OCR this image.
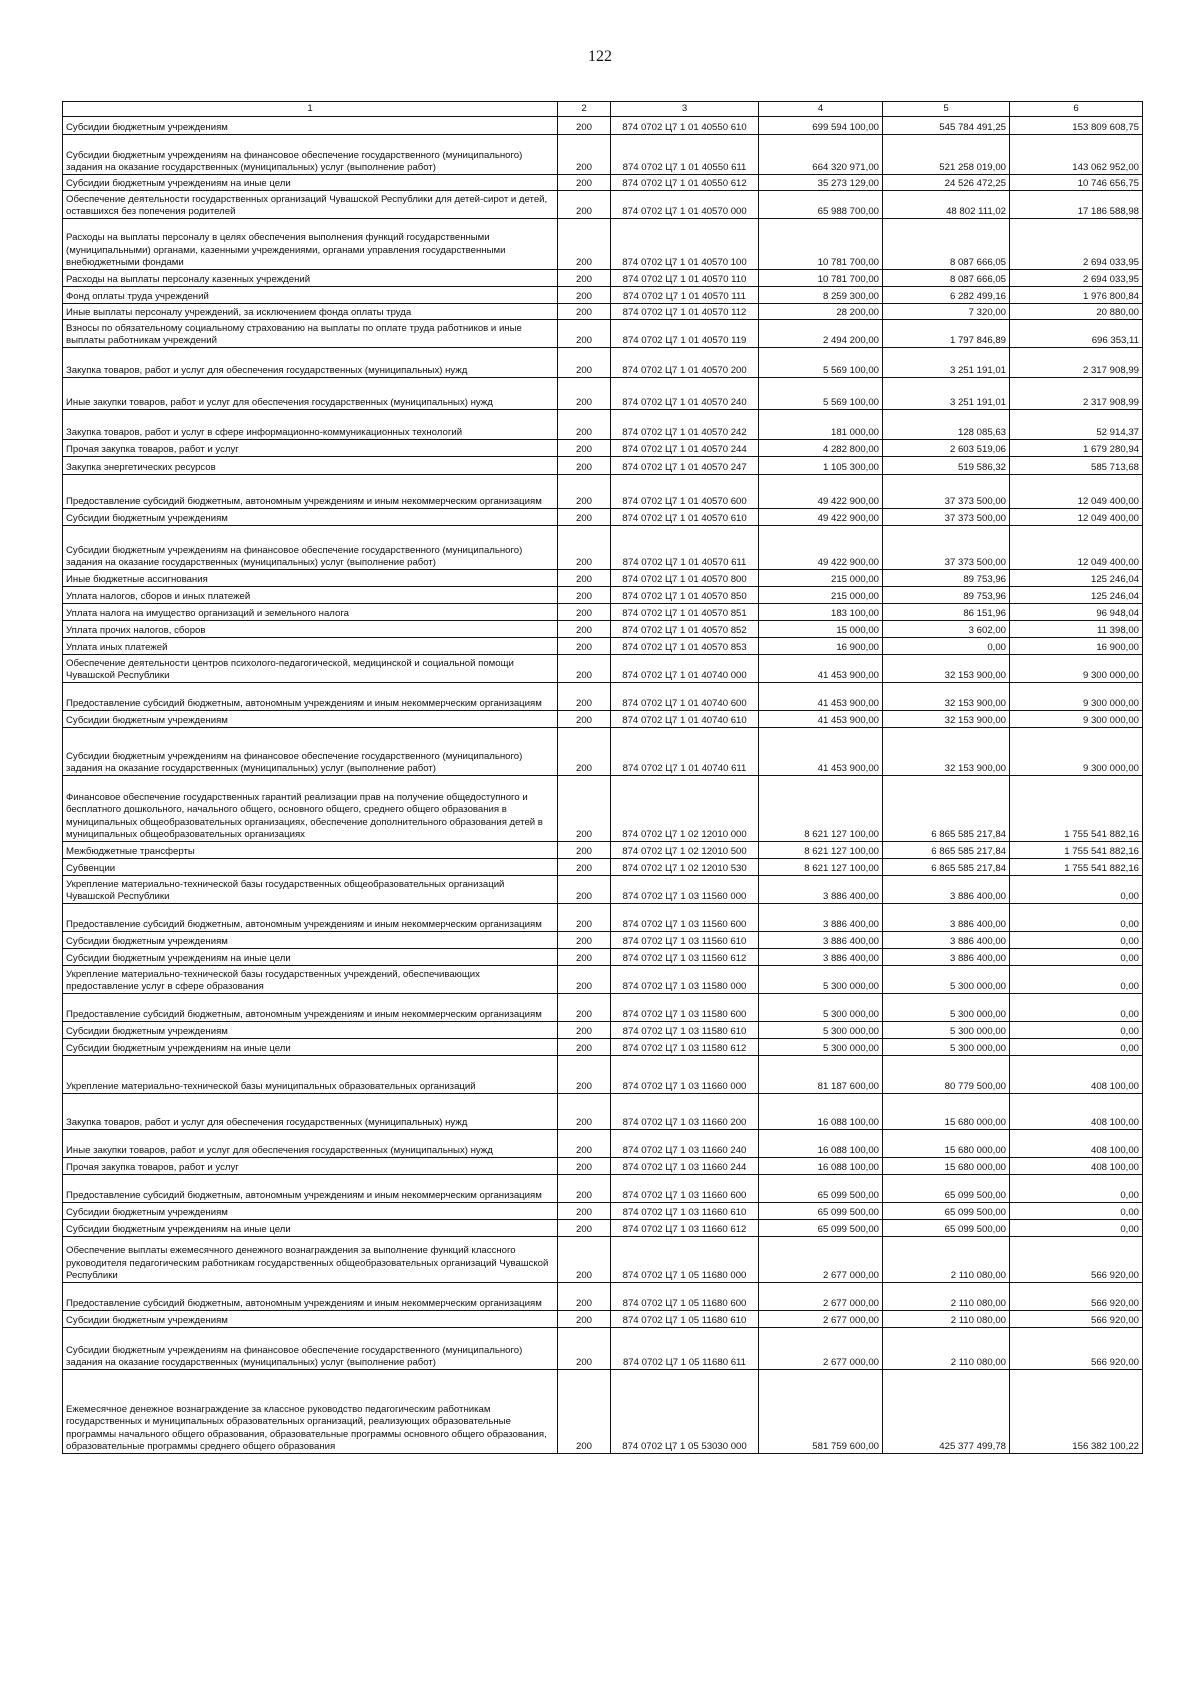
122
1	2	3	4	5	6
Субсидии бюджетным учреждениям	200	874 0702 Ц7 1 01 40550 610	699 594 100,00	545 784 491,25	153 809 608,75
Субсидии бюджетным учреждениям на финансовое обеспечение государственного (муниципального) задания на оказание государственных (муниципальных) услуг (выполнение работ)	200	874 0702 Ц7 1 01 40550 611	664 320 971,00	521 258 019,00	143 062 952,00
Субсидии бюджетным учреждениям на иные цели	200	874 0702 Ц7 1 01 40550 612	35 273 129,00	24 526 472,25	10 746 656,75
Обеспечение деятельности государственных организаций Чувашской Республики для детей-сирот и детей, оставшихся без попечения родителей	200	874 0702 Ц7 1 01 40570 000	65 988 700,00	48 802 111,02	17 186 588,98
Расходы на выплаты персоналу в целях обеспечения выполнения функций государственными (муниципальными) органами, казенными учреждениями, органами управления государственными внебюджетными фондами	200	874 0702 Ц7 1 01 40570 100	10 781 700,00	8 087 666,05	2 694 033,95
Расходы на выплаты персоналу казенных учреждений	200	874 0702 Ц7 1 01 40570 110	10 781 700,00	8 087 666,05	2 694 033,95
Фонд оплаты труда учреждений	200	874 0702 Ц7 1 01 40570 111	8 259 300,00	6 282 499,16	1 976 800,84
Иные выплаты персоналу учреждений, за исключением фонда оплаты труда	200	874 0702 Ц7 1 01 40570 112	28 200,00	7 320,00	20 880,00
Взносы по обязательному социальному страхованию на выплаты по оплате труда работников и иные выплаты работникам учреждений	200	874 0702 Ц7 1 01 40570 119	2 494 200,00	1 797 846,89	696 353,11
Закупка товаров, работ и услуг для обеспечения государственных (муниципальных) нужд	200	874 0702 Ц7 1 01 40570 200	5 569 100,00	3 251 191,01	2 317 908,99
Иные закупки товаров, работ и услуг для обеспечения государственных (муниципальных) нужд	200	874 0702 Ц7 1 01 40570 240	5 569 100,00	3 251 191,01	2 317 908,99
Закупка товаров, работ и услуг в сфере информационно-коммуникационных технологий	200	874 0702 Ц7 1 01 40570 242	181 000,00	128 085,63	52 914,37
Прочая закупка товаров, работ и услуг	200	874 0702 Ц7 1 01 40570 244	4 282 800,00	2 603 519,06	1 679 280,94
Закупка энергетических ресурсов	200	874 0702 Ц7 1 01 40570 247	1 105 300,00	519 586,32	585 713,68
Предоставление субсидий бюджетным, автономным учреждениям и иным некоммерческим организациям	200	874 0702 Ц7 1 01 40570 600	49 422 900,00	37 373 500,00	12 049 400,00
Субсидии бюджетным учреждениям	200	874 0702 Ц7 1 01 40570 610	49 422 900,00	37 373 500,00	12 049 400,00
Субсидии бюджетным учреждениям на финансовое обеспечение государственного (муниципального) задания на оказание государственных (муниципальных) услуг (выполнение работ)	200	874 0702 Ц7 1 01 40570 611	49 422 900,00	37 373 500,00	12 049 400,00
Иные бюджетные ассигнования	200	874 0702 Ц7 1 01 40570 800	215 000,00	89 753,96	125 246,04
Уплата налогов, сборов и иных платежей	200	874 0702 Ц7 1 01 40570 850	215 000,00	89 753,96	125 246,04
Уплата налога на имущество организаций и земельного налога	200	874 0702 Ц7 1 01 40570 851	183 100,00	86 151,96	96 948,04
Уплата прочих налогов, сборов	200	874 0702 Ц7 1 01 40570 852	15 000,00	3 602,00	11 398,00
Уплата иных платежей	200	874 0702 Ц7 1 01 40570 853	16 900,00	0,00	16 900,00
Обеспечение деятельности центров психолого-педагогической, медицинской и социальной помощи Чувашской Республики	200	874 0702 Ц7 1 01 40740 000	41 453 900,00	32 153 900,00	9 300 000,00
Предоставление субсидий бюджетным, автономным учреждениям и иным некоммерческим организациям	200	874 0702 Ц7 1 01 40740 600	41 453 900,00	32 153 900,00	9 300 000,00
Субсидии бюджетным учреждениям	200	874 0702 Ц7 1 01 40740 610	41 453 900,00	32 153 900,00	9 300 000,00
Субсидии бюджетным учреждениям на финансовое обеспечение государственного (муниципального) задания на оказание государственных (муниципальных) услуг (выполнение работ)	200	874 0702 Ц7 1 01 40740 611	41 453 900,00	32 153 900,00	9 300 000,00
Финансовое обеспечение государственных гарантий реализации прав на получение общедоступного и бесплатного дошкольного, начального общего, основного общего, среднего общего образования в муниципальных общеобразовательных организациях, обеспечение дополнительного образования детей в муниципальных общеобразовательных организациях	200	874 0702 Ц7 1 02 12010 000	8 621 127 100,00	6 865 585 217,84	1 755 541 882,16
Межбюджетные трансферты	200	874 0702 Ц7 1 02 12010 500	8 621 127 100,00	6 865 585 217,84	1 755 541 882,16
Субвенции	200	874 0702 Ц7 1 02 12010 530	8 621 127 100,00	6 865 585 217,84	1 755 541 882,16
Укрепление материально-технической базы государственных общеобразовательных организаций Чувашской Республики	200	874 0702 Ц7 1 03 11560 000	3 886 400,00	3 886 400,00	0,00
Предоставление субсидий бюджетным, автономным учреждениям и иным некоммерческим организациям	200	874 0702 Ц7 1 03 11560 600	3 886 400,00	3 886 400,00	0,00
Субсидии бюджетным учреждениям	200	874 0702 Ц7 1 03 11560 610	3 886 400,00	3 886 400,00	0,00
Субсидии бюджетным учреждениям на иные цели	200	874 0702 Ц7 1 03 11560 612	3 886 400,00	3 886 400,00	0,00
Укрепление материально-технической базы государственных учреждений, обеспечивающих предоставление услуг в сфере образования	200	874 0702 Ц7 1 03 11580 000	5 300 000,00	5 300 000,00	0,00
Предоставление субсидий бюджетным, автономным учреждениям и иным некоммерческим организациям	200	874 0702 Ц7 1 03 11580 600	5 300 000,00	5 300 000,00	0,00
Субсидии бюджетным учреждениям	200	874 0702 Ц7 1 03 11580 610	5 300 000,00	5 300 000,00	0,00
Субсидии бюджетным учреждениям на иные цели	200	874 0702 Ц7 1 03 11580 612	5 300 000,00	5 300 000,00	0,00
Укрепление материально-технической базы муниципальных образовательных организаций	200	874 0702 Ц7 1 03 11660 000	81 187 600,00	80 779 500,00	408 100,00
Закупка товаров, работ и услуг для обеспечения государственных (муниципальных) нужд	200	874 0702 Ц7 1 03 11660 200	16 088 100,00	15 680 000,00	408 100,00
Иные закупки товаров, работ и услуг для обеспечения государственных (муниципальных) нужд	200	874 0702 Ц7 1 03 11660 240	16 088 100,00	15 680 000,00	408 100,00
Прочая закупка товаров, работ и услуг	200	874 0702 Ц7 1 03 11660 244	16 088 100,00	15 680 000,00	408 100,00
Предоставление субсидий бюджетным, автономным учреждениям и иным некоммерческим организациям	200	874 0702 Ц7 1 03 11660 600	65 099 500,00	65 099 500,00	0,00
Субсидии бюджетным учреждениям	200	874 0702 Ц7 1 03 11660 610	65 099 500,00	65 099 500,00	0,00
Субсидии бюджетным учреждениям на иные цели	200	874 0702 Ц7 1 03 11660 612	65 099 500,00	65 099 500,00	0,00
Обеспечение выплаты ежемесячного денежного вознаграждения за выполнение функций классного руководителя педагогическим работникам государственных общеобразовательных организаций Чувашской Республики	200	874 0702 Ц7 1 05 11680 000	2 677 000,00	2 110 080,00	566 920,00
Предоставление субсидий бюджетным, автономным учреждениям и иным некоммерческим организациям	200	874 0702 Ц7 1 05 11680 600	2 677 000,00	2 110 080,00	566 920,00
Субсидии бюджетным учреждениям	200	874 0702 Ц7 1 05 11680 610	2 677 000,00	2 110 080,00	566 920,00
Субсидии бюджетным учреждениям на финансовое обеспечение государственного (муниципального) задания на оказание государственных (муниципальных) услуг (выполнение работ)	200	874 0702 Ц7 1 05 11680 611	2 677 000,00	2 110 080,00	566 920,00
Ежемесячное денежное вознаграждение за классное руководство педагогическим работникам государственных и муниципальных образовательных организаций, реализующих образовательные программы начального общего образования, образовательные программы основного общего образования, образовательные программы среднего общего образования	200	874 0702 Ц7 1 05 53030 000	581 759 600,00	425 377 499,78	156 382 100,22
